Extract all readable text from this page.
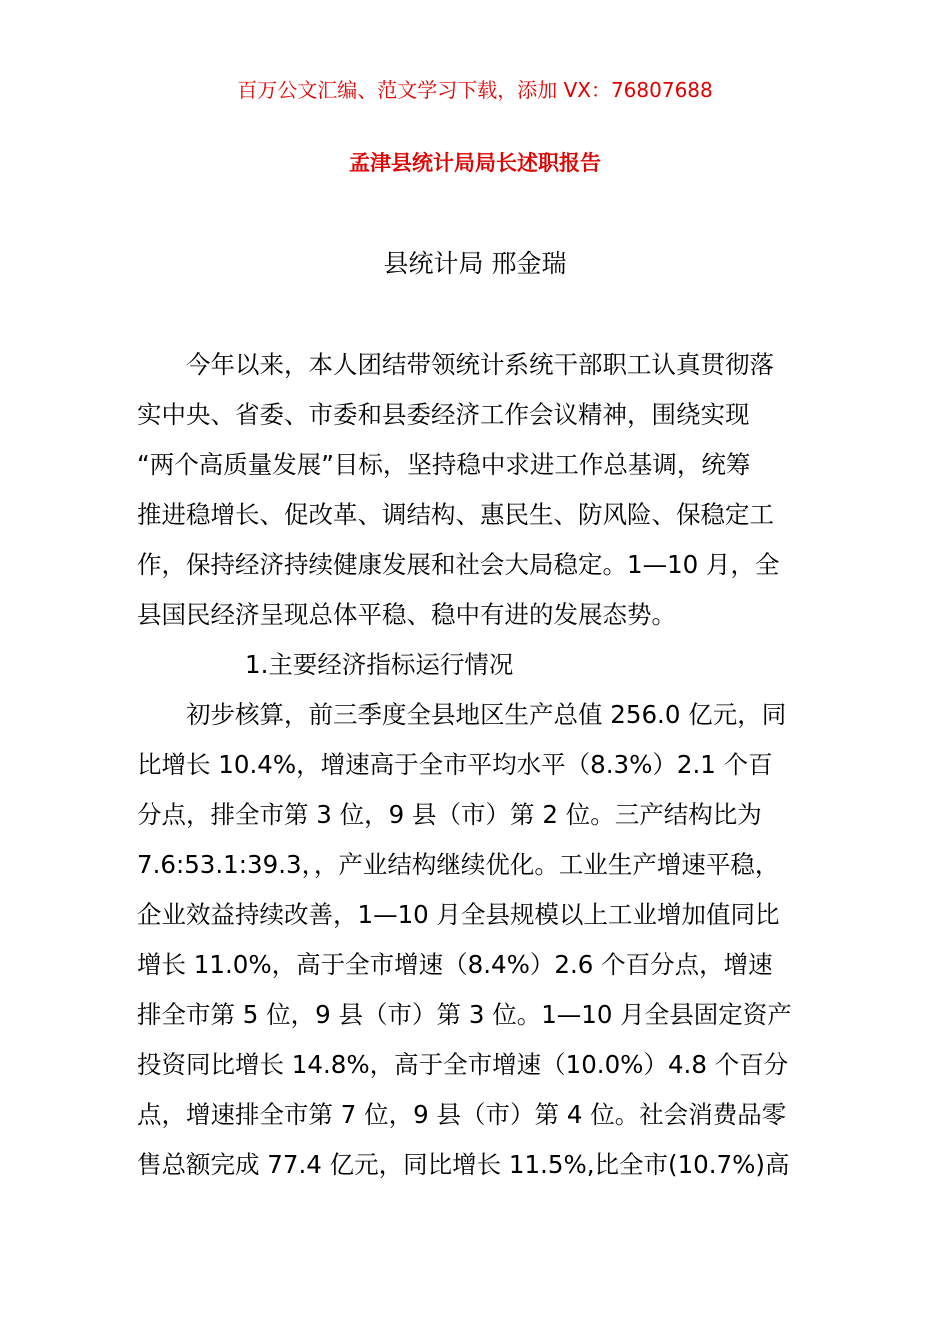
百万公文汇编、范文学习下载，添加 VX：76807688
孟津县统计局局长述职报告
县统计局 邢金瑞
今年以来，本人团结带领统计系统干部职工认真贯彻落
实中央、省委、市委和县委经济工作会议精神，围绕实现
“两个高质量发展”目标，坚持稳中求进工作总基调，统筹
推进稳增长、促改革、调结构、惠民生、防风险、保稳定工
作，保持经济持续健康发展和社会大局稳定。1—10 月，全
县国民经济呈现总体平稳、稳中有进的发展态势。
1.主要经济指标运行情况
初步核算，前三季度全县地区生产总值 256.0 亿元，同
比增长 10.4%，增速高于全市平均水平（8.3%）2.1 个百
分点，排全市第 3 位，9 县（市）第 2 位。三产结构比为
7.6:53.1:39.3，，产业结构继续优化。工业生产增速平稳，
企业效益持续改善，1—10 月全县规模以上工业增加值同比
增长 11.0%，高于全市增速（8.4%）2.6 个百分点，增速
排全市第 5 位，9 县（市）第 3 位。1—10 月全县固定资产
投资同比增长 14.8%，高于全市增速（10.0%）4.8 个百分
点，增速排全市第 7 位，9 县（市）第 4 位。社会消费品零
售总额完成 77.4 亿元，同比增长 11.5%,比全市(10.7%)高
